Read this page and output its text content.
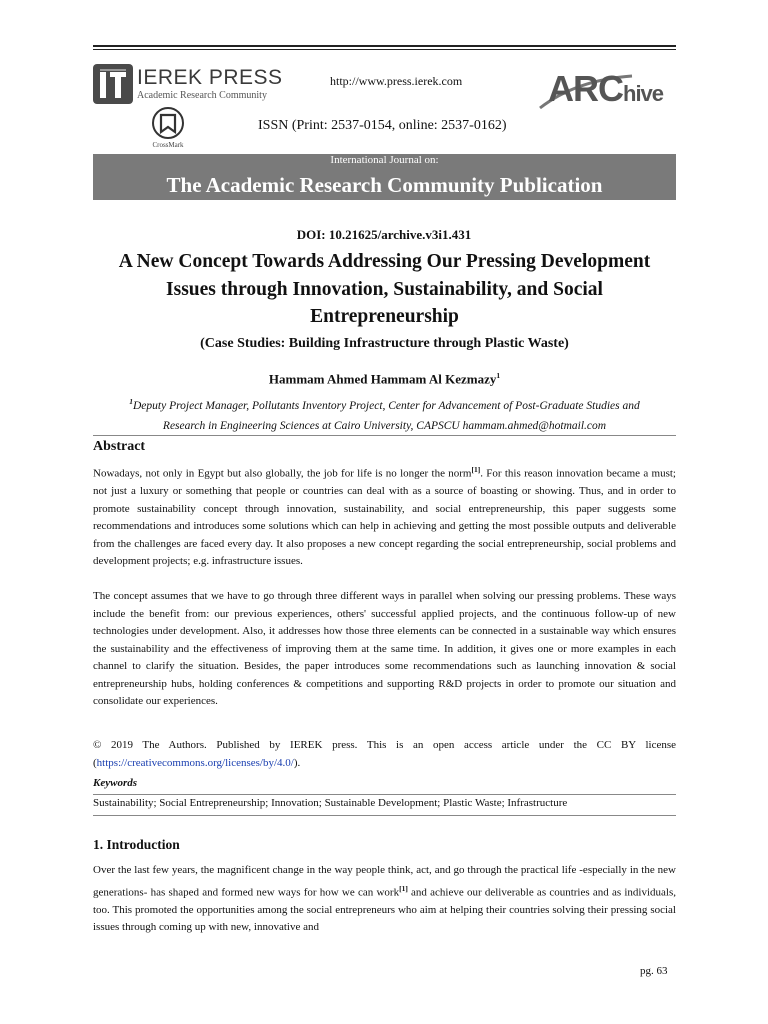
IEREK PRESS
Academic Research Community
CrossMark
http://www.press.ierek.com
ISSN (Print: 2537-0154, online: 2537-0162)
ARChive
International Journal on:
The Academic Research Community Publication
DOI: 10.21625/archive.v3i1.431
A New Concept Towards Addressing Our Pressing Development
Issues through Innovation, Sustainability, and Social
Entrepreneurship
(Case Studies: Building Infrastructure through Plastic Waste)
Hammam Ahmed Hammam Al Kezmazy$^1$
$^1$Deputy Project Manager, Pollutants Inventory Project, Center for Advancement of Post-Graduate Studies and
Research in Engineering Sciences at Cairo University, CAPSCU hammam.ahmed@hotmail.com
Abstract
Nowadays, not only in Egypt but also globally, the job for life is no longer the norm[1]. For this reason innovation became a must; not just a luxury or something that people or countries can deal with as a source of boasting or showing. Thus, and in order to promote sustainability concept through innovation, sustainability, and social entrepreneurship, this paper suggests some recommendations and introduces some solutions which can help in achieving and getting the most possible outputs and deliverable from the challenges are faced every day. It also proposes a new concept regarding the social entrepreneurship, social problems and development projects; e.g. infrastructure issues.
The concept assumes that we have to go through three different ways in parallel when solving our pressing problems. These ways include the benefit from: our previous experiences, others' successful applied projects, and the continuous follow-up of new technologies under development. Also, it addresses how those three elements can be connected in a sustainable way which ensures the sustainability and the effectiveness of improving them at the same time. In addition, it gives one or more examples in each channel to clarify the situation. Besides, the paper introduces some recommendations such as launching innovation & social entrepreneurship hubs, holding conferences & competitions and supporting R&D projects in order to promote our situation and consolidate our experiences.
© 2019 The Authors. Published by IEREK press. This is an open access article under the CC BY license (https://creativecommons.org/licenses/by/4.0/).
Keywords
Sustainability; Social Entrepreneurship; Innovation; Sustainable Development; Plastic Waste; Infrastructure
1. Introduction
Over the last few years, the magnificent change in the way people think, act, and go through the practical life -especially in the new generations- has shaped and formed new ways for how we can work[1] and achieve our deliverable as countries and as individuals, too. This promoted the opportunities among the social entrepreneurs who aim at helping their countries solving their pressing social issues through coming up with new, innovative and
pg. 63
